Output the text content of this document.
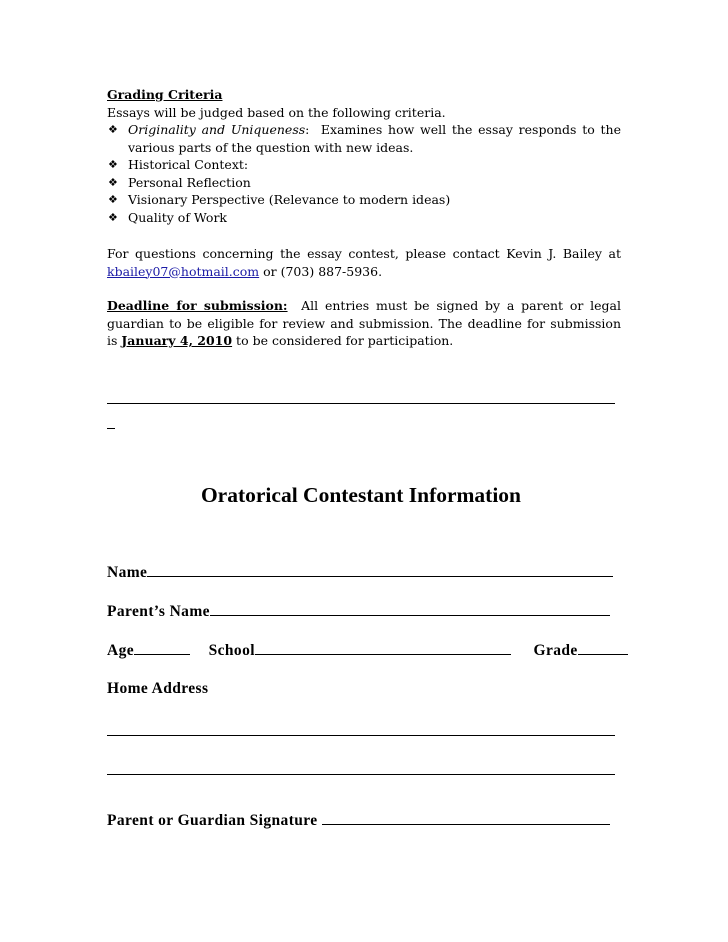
Grading Criteria
Essays will be judged based on the following criteria.
❖ Originality and Uniqueness:  Examines how well the essay responds to the various parts of the question with new ideas.
❖ Historical Context:
❖ Personal Reflection
❖ Visionary Perspective (Relevance to modern ideas)
❖ Quality of Work
For questions concerning the essay contest, please contact Kevin J. Bailey at kbailey07@hotmail.com or (703) 887-5936.
Deadline for submission:  All entries must be signed by a parent or legal guardian to be eligible for review and submission. The deadline for submission is January 4, 2010 to be considered for participation.
Oratorical Contestant Information
Name
Parent’s Name
Age	School	Grade
Home Address
Parent or Guardian Signature
